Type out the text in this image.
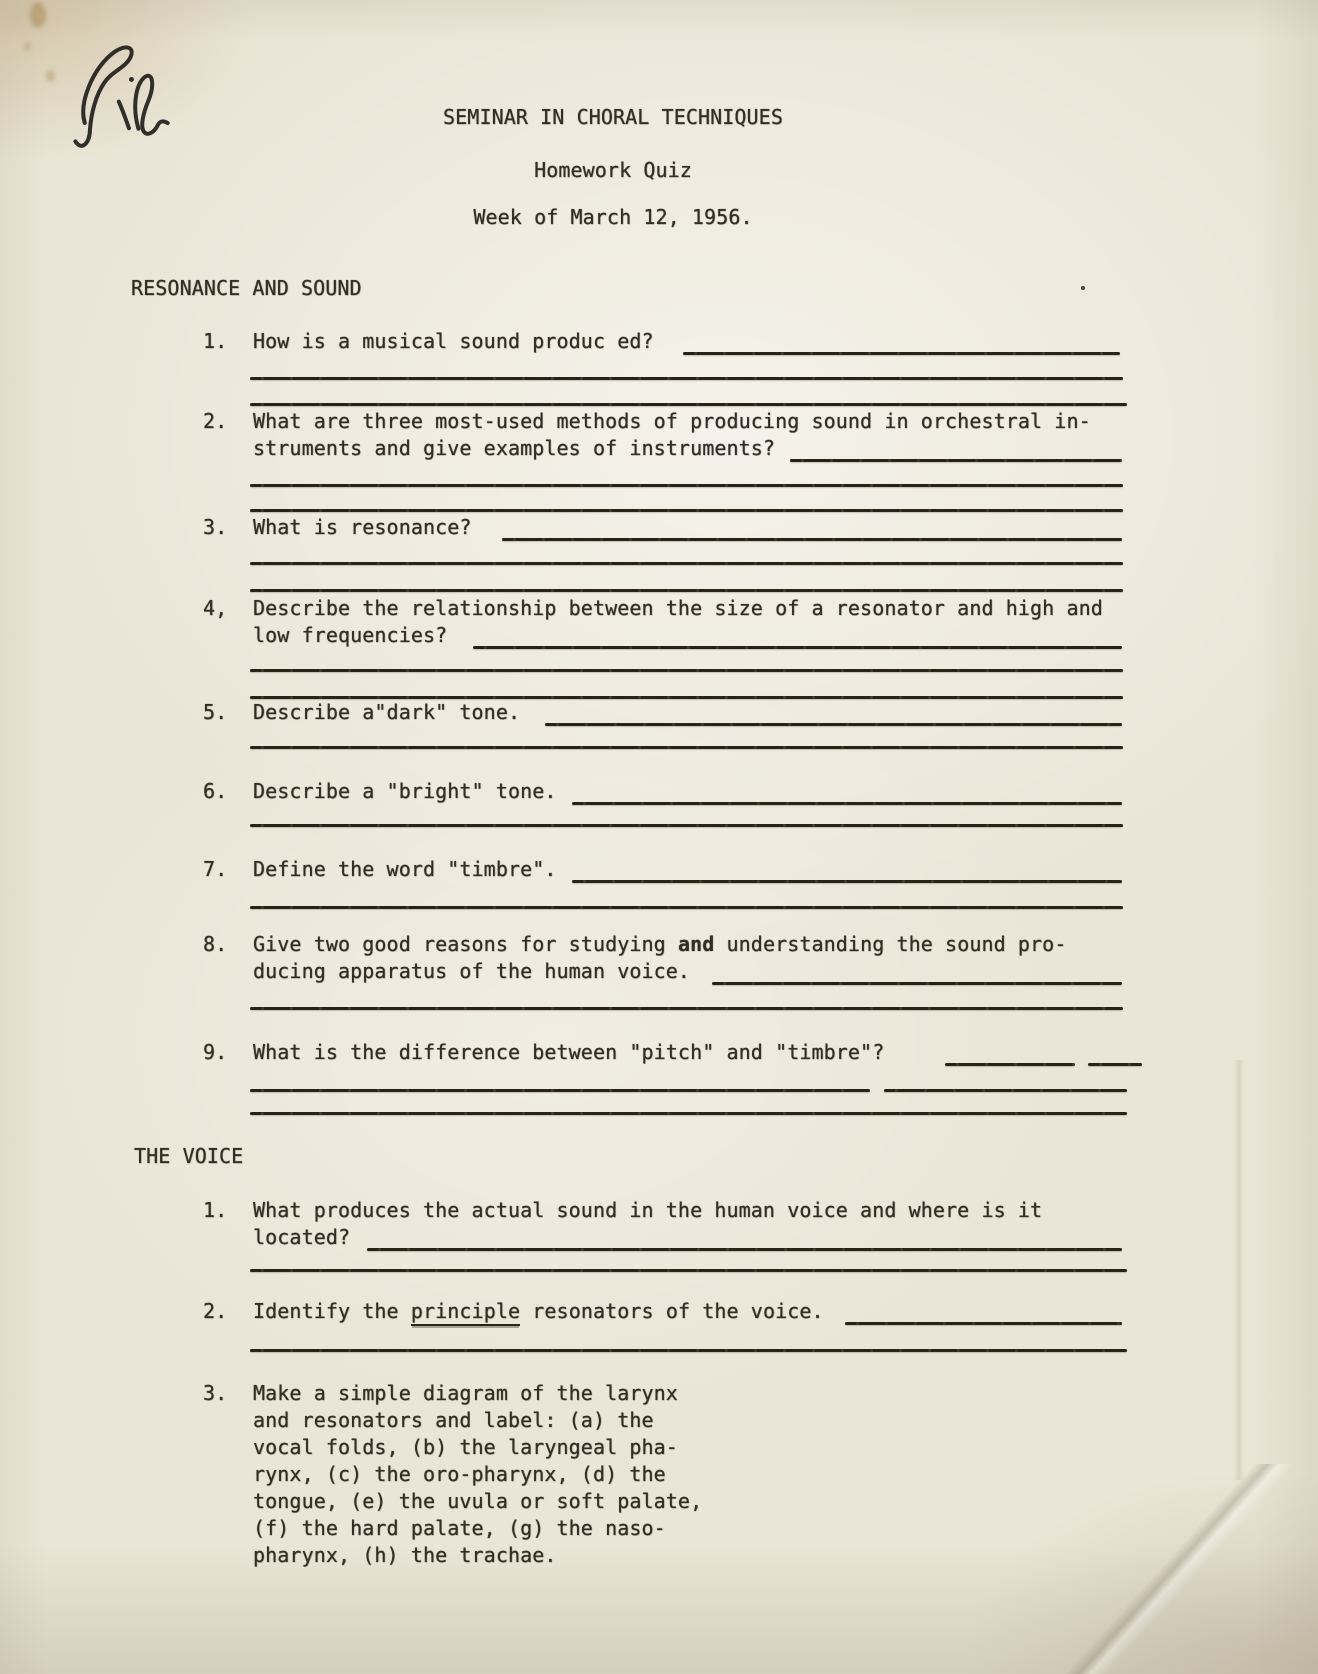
SEMINAR IN CHORAL TECHNIQUES
Homework Quiz
Week of March 12, 1956.
RESONANCE AND SOUND
1. How is a musical sound produc ed?
2. What are three most-used methods of producing sound in orchestral in-
struments and give examples of instruments?
3. What is resonance?
4, Describe the relationship between the size of a resonator and high and
low frequencies?
5. Describe a"dark" tone.
6. Describe a "bright" tone.
7. Define the word "timbre".
8. Give two good reasons for studying and understanding the sound pro-
ducing apparatus of the human voice.
9. What is the difference between "pitch" and "timbre"?
THE VOICE
1. What produces the actual sound in the human voice and where is it
located?
2. Identify the principle resonators of the voice.
3. Make a simple diagram of the larynx
and resonators and label: (a) the
vocal folds, (b) the laryngeal pha-
rynx, (c) the oro-pharynx, (d) the
tongue, (e) the uvula or soft palate,
(f) the hard palate, (g) the naso-
pharynx, (h) the trachae.
